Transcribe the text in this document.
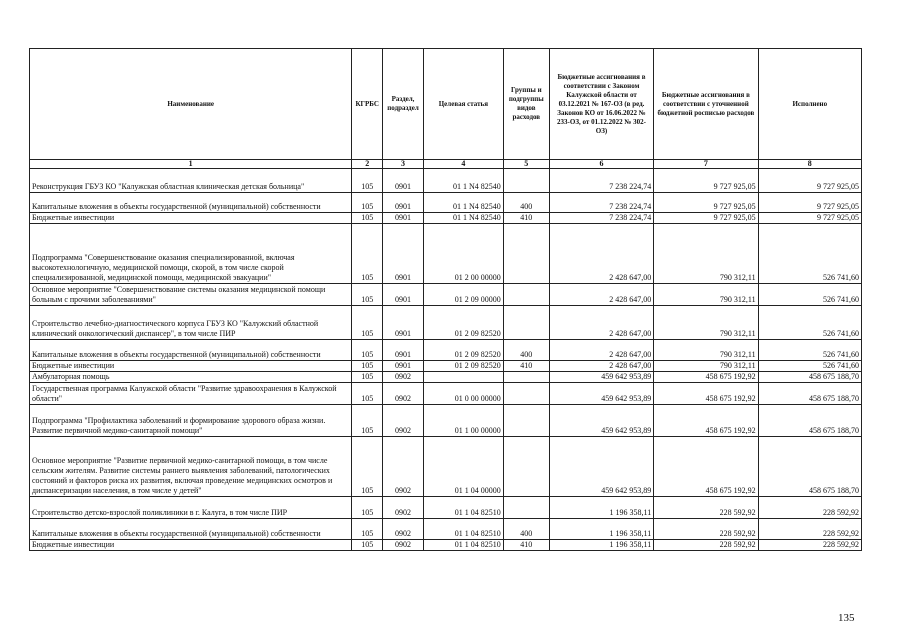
Наименование	КГРБС	Раздел, подраздел	Целевая статья	Группы и подгруппы видов расходов	Бюджетные ассигнования в соответствии с Законом Калужской области от 03.12.2021 № 167-ОЗ (в ред. Законов КО от 16.06.2022 № 233-ОЗ, от 01.12.2022 № 302-ОЗ)	Бюджетные ассигнования в соответствии с уточненной бюджетной росписью расходов	Исполнено
1	2	3	4	5	6	7	8
Реконструкция ГБУЗ КО "Калужская областная клиническая детская больница"	105	0901	01 1 N4 82540		7 238 224,74	9 727 925,05	9 727 925,05
Капитальные вложения в объекты государственной (муниципальной) собственности	105	0901	01 1 N4 82540	400	7 238 224,74	9 727 925,05	9 727 925,05
Бюджетные инвестиции	105	0901	01 1 N4 82540	410	7 238 224,74	9 727 925,05	9 727 925,05
Подпрограмма "Совершенствование оказания специализированной, включая высокотехнологичную, медицинской помощи, скорой, в том числе скорой специализированной, медицинской помощи, медицинской эвакуации"	105	0901	01 2 00 00000		2 428 647,00	790 312,11	526 741,60
Основное мероприятие "Совершенствование системы оказания медицинской помощи больным с прочими заболеваниями"	105	0901	01 2 09 00000		2 428 647,00	790 312,11	526 741,60
Строительство лечебно-диагностического корпуса ГБУЗ КО "Калужский областной клинический онкологический диспансер", в том числе ПИР	105	0901	01 2 09 82520		2 428 647,00	790 312,11	526 741,60
Капитальные вложения в объекты государственной (муниципальной) собственности	105	0901	01 2 09 82520	400	2 428 647,00	790 312,11	526 741,60
Бюджетные инвестиции	105	0901	01 2 09 82520	410	2 428 647,00	790 312,11	526 741,60
Амбулаторная помощь	105	0902			459 642 953,89	458 675 192,92	458 675 188,70
Государственная программа Калужской области "Развитие здравоохранения в Калужской области"	105	0902	01 0 00 00000		459 642 953,89	458 675 192,92	458 675 188,70
Подпрограмма "Профилактика заболеваний и формирование здорового образа жизни. Развитие первичной медико-санитарной помощи"	105	0902	01 1 00 00000		459 642 953,89	458 675 192,92	458 675 188,70
Основное мероприятие "Развитие первичной медико-санитарной помощи, в том числе сельским жителям. Развитие системы раннего выявления заболеваний, патологических состояний и факторов риска их развития, включая проведение медицинских осмотров и диспансеризации населения, в том числе у детей"	105	0902	01 1 04 00000		459 642 953,89	458 675 192,92	458 675 188,70
Строительство детско-взрослой поликлиники в г. Калуга, в том числе ПИР	105	0902	01 1 04 82510		1 196 358,11	228 592,92	228 592,92
Капитальные вложения в объекты государственной (муниципальной) собственности	105	0902	01 1 04 82510	400	1 196 358,11	228 592,92	228 592,92
Бюджетные инвестиции	105	0902	01 1 04 82510	410	1 196 358,11	228 592,92	228 592,92
135
